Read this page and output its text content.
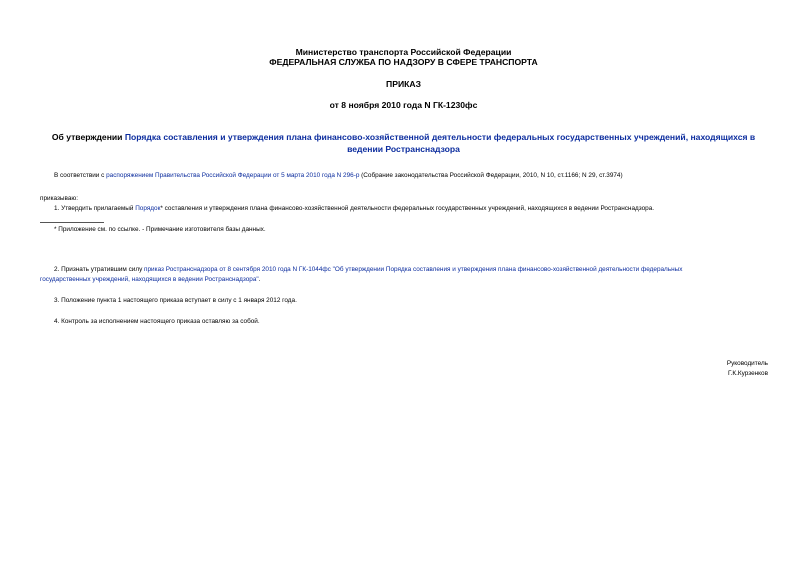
Министерство транспорта Российской Федерации
ФЕДЕРАЛЬНАЯ СЛУЖБА ПО НАДЗОРУ В СФЕРЕ ТРАНСПОРТА
ПРИКАЗ
от 8 ноября 2010 года N ГК-1230фс
Об утверждении Порядка составления и утверждения плана финансово-хозяйственной деятельности федеральных государственных учреждений, находящихся в
ведении Ространснадзора
В соответствии с распоряжением Правительства Российской Федерации от 5 марта 2010 года N 296-р (Собрание законодательства Российской Федерации, 2010, N 10, ст.1166; N 29, ст.3974)
приказываю:
1. Утвердить прилагаемый Порядок* составления и утверждения плана финансово-хозяйственной деятельности федеральных государственных учреждений, находящихся в ведении Ространснадзора.
* Приложение см. по ссылке. - Примечание изготовителя базы данных.
2. Признать утратившим силу приказ Ространснадзора от 8 сентября 2010 года N ГК-1044фс "Об утверждении Порядка составления и утверждения плана финансово-хозяйственной деятельности федеральных
государственных учреждений, находящихся в ведении Ространснадзора".
3. Положение пункта 1 настоящего приказа вступает в силу с 1 января 2012 года.
4. Контроль за исполнением настоящего приказа оставляю за собой.
Руководитель
Г.К.Курзенков
